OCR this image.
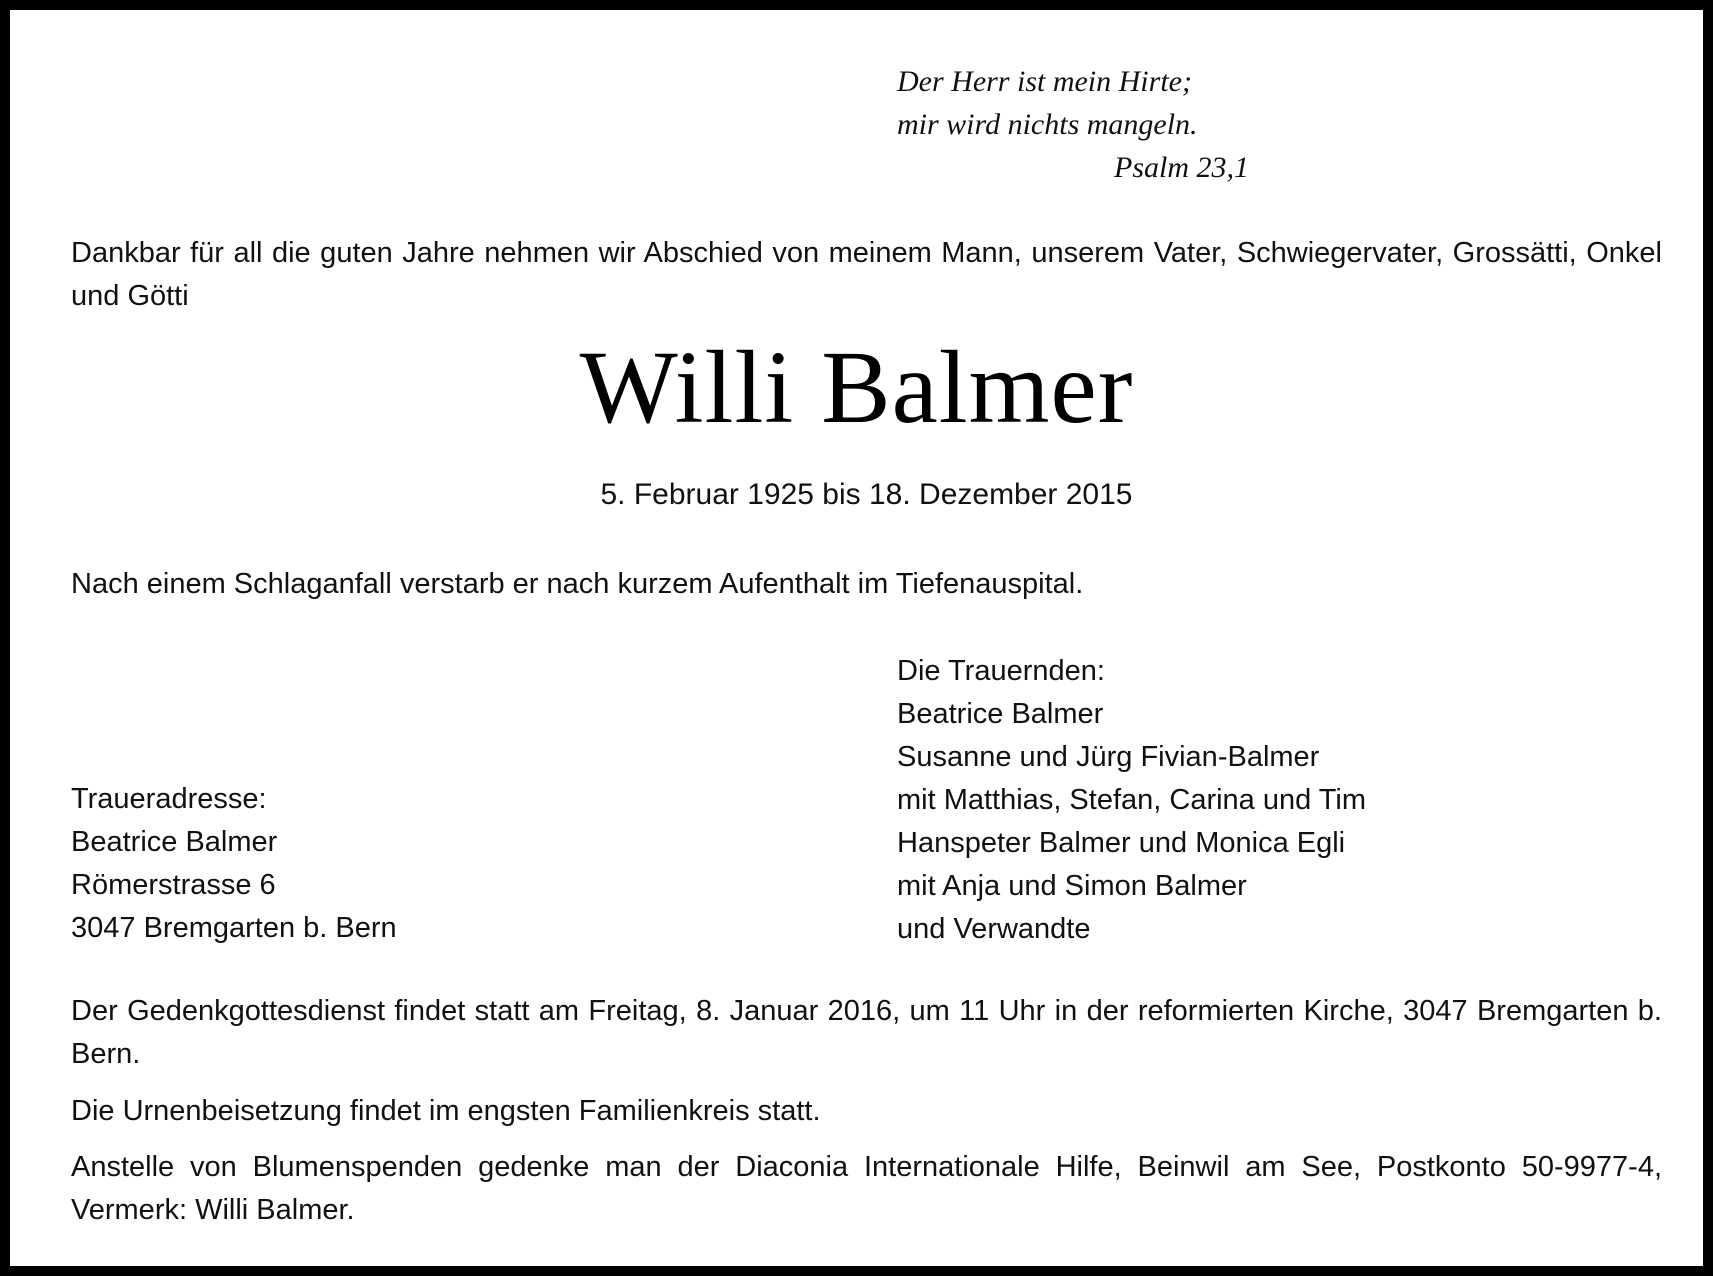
Der Herr ist mein Hirte;
mir wird nichts mangeln.
Psalm 23,1
Dankbar für all die guten Jahre nehmen wir Abschied von meinem Mann, unserem Vater, Schwiegervater, Grossätti, Onkel und Götti
Willi Balmer
5. Februar 1925 bis 18. Dezember 2015
Nach einem Schlaganfall verstarb er nach kurzem Aufenthalt im Tiefenauspital.
Die Trauernden:
Beatrice Balmer
Susanne und Jürg Fivian-Balmer
mit Matthias, Stefan, Carina und Tim
Hanspeter Balmer und Monica Egli
mit Anja und Simon Balmer
und Verwandte
Traueradresse:
Beatrice Balmer
Römerstrasse 6
3047 Bremgarten b. Bern
Der Gedenkgottesdienst findet statt am Freitag, 8. Januar 2016, um 11 Uhr in der reformierten Kirche, 3047 Bremgarten b. Bern.
Die Urnenbeisetzung findet im engsten Familienkreis statt.
Anstelle von Blumenspenden gedenke man der Diaconia Internationale Hilfe, Beinwil am See, Postkonto 50-9977-4, Vermerk: Willi Balmer.
